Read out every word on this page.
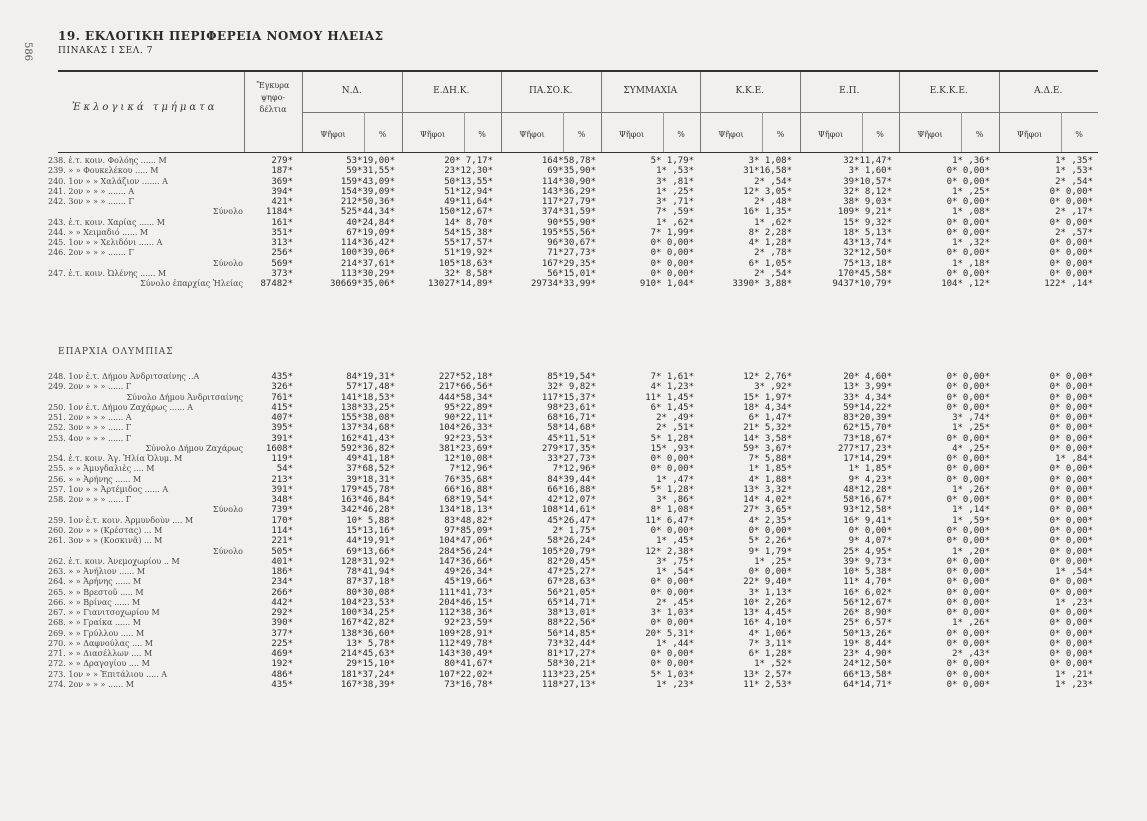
586
19. ΕΚΛΟΓΙΚΗ ΠΕΡΙΦΕΡΕΙΑ ΝΟΜΟΥ ΗΛΕΙΑΣ
ΠΙΝΑΚΑΣ Ι ΣΕΛ. 7
Ἐκλογικά τμήματα
Ἔγκυρα ψηφο-δέλτια
Ν.Δ.
Ψῆφοι	%
Ε.ΔΗ.Κ.
Ψῆφοι	%
ΠΑ.ΣΟ.Κ.
Ψῆφοι	%
ΣΥΜΜΑΧΙΑ
Ψῆφοι	%
Κ.Κ.Ε.
Ψῆφοι	%
Ε.Π.
Ψῆφοι	%
Ε.Κ.Κ.Ε.
Ψῆφοι	%
Α.Δ.Ε.
Ψῆφοι	%
238. ἐ.τ. κοιν. Φολόης ...... Μ	279*	53*19,00*	20* 7,17*	164*58,78*	5* 1,79*	3* 1,08*	32*11,47*	1* ,36*	1* ,35*
239. » » Φουκελέκου ..... Μ	187*	59*31,55*	23*12,30*	69*35,90*	1* ,53*	31*16,58*	3* 1,60*	0* 0,00*	1* ,53*
240. 1ον » » Χαλάζιον ....... Α	369*	159*43,09*	50*13,55*	114*30,90*	3* ,81*	2* ,54*	39*10,57*	0* 0,00*	2* ,54*
241. 2ον » » » ....... Α	394*	154*39,09*	51*12,94*	143*36,29*	1* ,25*	12* 3,05*	32* 8,12*	1* ,25*	0* 0,00*
242. 3ον » » » ....... Γ	421*	212*50,36*	49*11,64*	117*27,79*	3* ,71*	2* ,48*	38* 9,03*	0* 0,00*	0* 0,00*
Σύνολο	1184*	525*44,34*	150*12,67*	374*31,59*	7* ,59*	16* 1,35*	109* 9,21*	1* ,08*	2* ,17*
243. ἐ.τ. κοιν. Χαρίας ...... Μ	161*	40*24,84*	14* 8,70*	90*55,90*	1* ,62*	1* ,62*	15* 9,32*	0* 0,00*	0* 0,00*
244. » » Χειμαδιό ...... Μ	351*	67*19,09*	54*15,38*	195*55,56*	7* 1,99*	8* 2,28*	18* 5,13*	0* 0,00*	2* ,57*
245. 1ον » » Χελιδόνι ...... Α	313*	114*36,42*	55*17,57*	96*30,67*	0* 0,00*	4* 1,28*	43*13,74*	1* ,32*	0* 0,00*
246. 2ον » » » ....... Γ	256*	100*39,06*	51*19,92*	71*27,73*	0* 0,00*	2* ,78*	32*12,50*	0* 0,00*	0* 0,00*
Σύνολο	569*	214*37,61*	105*18,63*	167*29,35*	0* 0,00*	6* 1,05*	75*13,18*	1* ,18*	0* 0,00*
247. ἐ.τ. κοιν. Ὠλένης ...... Μ	373*	113*30,29*	32* 8,58*	56*15,01*	0* 0,00*	2* ,54*	170*45,58*	0* 0,00*	0* 0,00*
Σύνολο ἐπαρχίας Ἠλείας 87482*	30669*35,06*	13027*14,89*	29734*33,99*	910* 1,04*	3390* 3,88*	9437*10,79*	104* ,12*	122* ,14*
ΕΠΑΡΧΙΑ ΟΛΥΜΠΙΑΣ
248. 1ον ἐ.τ. Δήμου Ἀνδριτσαίνης ..Α	435*	84*19,31*	227*52,18*	85*19,54*	7* 1,61*	12* 2,76*	20* 4,60*	0* 0,00*	0* 0,00*
249. 2ον » » » ...... Γ	326*	57*17,48*	217*66,56*	32* 9,82*	4* 1,23*	3* ,92*	13* 3,99*	0* 0,00*	0* 0,00*
Σύνολο Δήμου Ἀνδριτσαίνης	761*	141*18,53*	444*58,34*	117*15,37*	11* 1,45*	15* 1,97*	33* 4,34*	0* 0,00*	0* 0,00*
250. 1ον ἐ.τ. Δήμου Ζαχάρως ...... Α	415*	138*33,25*	95*22,89*	98*23,61*	6* 1,45*	18* 4,34*	59*14,22*	0* 0,00*	0* 0,00*
251. 2ον » » » ...... Α	407*	155*38,08*	90*22,11*	68*16,71*	2* ,49*	6* 1,47*	83*20,39*	3* ,74*	0* 0,00*
252. 3ον » » » ...... Γ	395*	137*34,68*	104*26,33*	58*14,68*	2* ,51*	21* 5,32*	62*15,70*	1* ,25*	0* 0,00*
253. 4ον » » » ...... Γ	391*	162*41,43*	92*23,53*	45*11,51*	5* 1,28*	14* 3,58*	73*18,67*	0* 0,00*	0* 0,00*
Σύνολο Δήμου Ζαχάρως	1608*	592*36,82*	381*23,69*	279*17,35*	15* ,93*	59* 3,67*	277*17,23*	4* ,25*	0* 0,00*
254. ἐ.τ. κοιν. Ἁγ. Ἠλία Ὀλυμ. Μ	119*	49*41,18*	12*10,08*	33*27,73*	0* 0,00*	7* 5,88*	17*14,29*	0* 0,00*	1* ,84*
255. » » Ἀμυγδαλιὲς .... Μ	54*	37*68,52*	7*12,96*	7*12,96*	0* 0,00*	1* 1,85*	1* 1,85*	0* 0,00*	0* 0,00*
256. » » Ἀρήνης ...... Μ	213*	39*18,31*	76*35,68*	84*39,44*	1* ,47*	4* 1,88*	9* 4,23*	0* 0,00*	0* 0,00*
257. 1ον » » Ἀρτέμιδος ...... Α	391*	179*45,78*	66*16,88*	66*16,88*	5* 1,28*	13* 3,32*	48*12,28*	1* ,26*	0* 0,00*
258. 2ον » » » ...... Γ	348*	163*46,84*	68*19,54*	42*12,07*	3* ,86*	14* 4,02*	58*16,67*	0* 0,00*	0* 0,00*
Σύνολο	739*	342*46,28*	134*18,13*	108*14,61*	8* 1,08*	27* 3,65*	93*12,58*	1* ,14*	0* 0,00*
259. 1ον ἐ.τ. κοιν. Ἀρμυνδοὺν .... Μ	170*	10* 5,88*	83*48,82*	45*26,47*	11* 6,47*	4* 2,35*	16* 9,41*	1* ,59*	0* 0,00*
260. 2ον » » (Κρέστας) ... Μ	114*	15*13,16*	97*85,09*	2* 1,75*	0* 0,00*	0* 0,00*	0* 0,00*	0* 0,00*	0* 0,00*
261. 3ον » » (Κοσκινᾶ) ... Μ	221*	44*19,91*	104*47,06*	58*26,24*	1* ,45*	5* 2,26*	9* 4,07*	0* 0,00*	0* 0,00*
Σύνολο	505*	69*13,66*	284*56,24*	105*20,79*	12* 2,38*	9* 1,79*	25* 4,95*	1* ,20*	0* 0,00*
262. ἐ.τ. κοιν. Ἀνεμοχωρίου .. Μ	401*	128*31,92*	147*36,66*	82*20,45*	3* ,75*	1* ,25*	39* 9,73*	0* 0,00*	0* 0,00*
263. » » Ἀνήλιον ...... Μ	186*	78*41,94*	49*26,34*	47*25,27*	1* ,54*	0* 0,00*	10* 5,38*	0* 0,00*	1* ,54*
264. » » Ἀρήνης ...... Μ	234*	87*37,18*	45*19,66*	67*28,63*	0* 0,00*	22* 9,40*	11* 4,70*	0* 0,00*	0* 0,00*
265. » » Βρεστοῦ ..... Μ	266*	80*30,08*	111*41,73*	56*21,05*	0* 0,00*	3* 1,13*	16* 6,02*	0* 0,00*	0* 0,00*
266. » » Βρίνας ...... Μ	442*	104*23,53*	204*46,15*	65*14,71*	2* ,45*	10* 2,26*	56*12,67*	0* 0,00*	1* ,23*
267. » » Γιανιτσοχωρίου Μ	292*	100*34,25*	112*38,36*	38*13,01*	3* 1,03*	13* 4,45*	26* 8,90*	0* 0,00*	0* 0,00*
268. » » Γραίκα ...... Μ	390*	167*42,82*	92*23,59*	88*22,56*	0* 0,00*	16* 4,10*	25* 6,57*	1* ,26*	0* 0,00*
269. » » Γρύλλου ..... Μ	377*	138*36,60*	109*28,91*	56*14,85*	20* 5,31*	4* 1,06*	50*13,26*	0* 0,00*	0* 0,00*
270. » » Δαφνούλας .... Μ	225*	13* 5,78*	112*49,78*	73*32,44*	1* ,44*	7* 3,11*	19* 8,44*	0* 0,00*	0* 0,00*
271. » » Διασέλλων .... Μ	469*	214*45,63*	143*30,49*	81*17,27*	0* 0,00*	6* 1,28*	23* 4,90*	2* ,43*	0* 0,00*
272. » » Δραγογίου .... Μ	192*	29*15,10*	80*41,67*	58*30,21*	0* 0,00*	1* ,52*	24*12,50*	0* 0,00*	0* 0,00*
273. 1ον » » Ἐπιτάλιου ..... Α	486*	181*37,24*	107*22,02*	113*23,25*	5* 1,03*	13* 2,57*	66*13,58*	0* 0,00*	1* ,21*
274. 2ον » » » ...... Μ	435*	167*38,39*	73*16,78*	118*27,13*	1* ,23*	11* 2,53*	64*14,71*	0* 0,00*	1* ,23*
